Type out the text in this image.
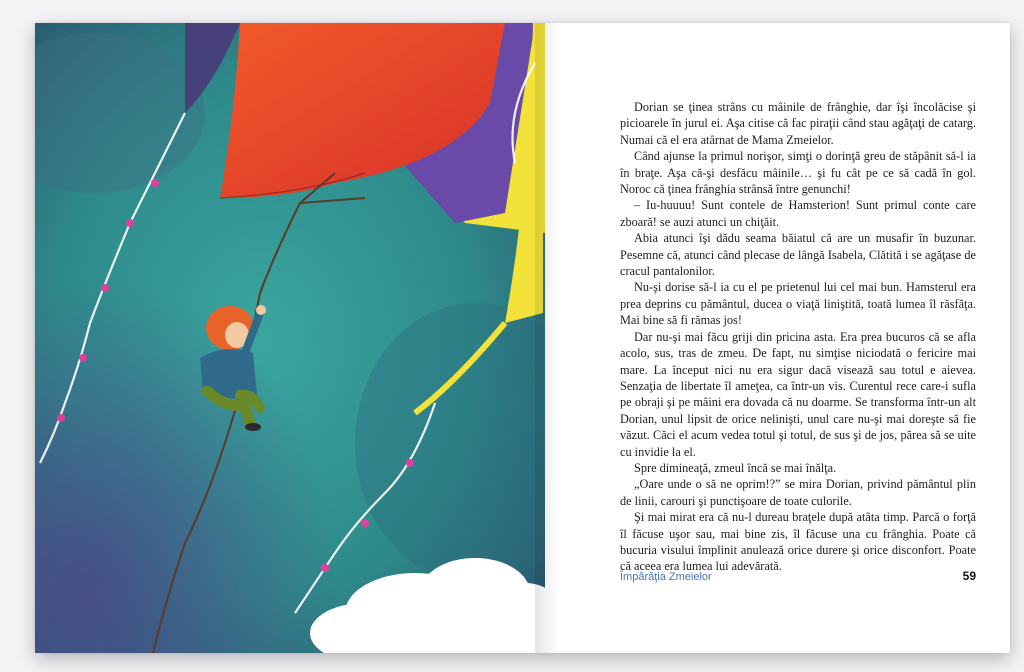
Dorian se ţinea strâns cu mâinile de frânghie, dar îşi încolăcise şi picioarele în jurul ei. Aşa citise că fac piraţii când stau agăţaţi de catarg. Numai că el era atârnat de Mama Zmeielor.

Când ajunse la primul norişor, simţi o dorinţă greu de stăpânit să-l ia în braţe. Aşa că-şi desfăcu mâinile… şi fu cât pe ce să cadă în gol. Noroc că ţinea frânghia strânsă între genunchi!

– Iu-huuuu! Sunt contele de Hamsterion! Sunt primul conte care zboară! se auzi atunci un chiţăit.

Abia atunci îşi dădu seama băiatul că are un musafir în buzunar. Pesemne că, atunci când plecase de lângă Isabela, Clătită i se agăţase de cracul pantalonilor.

Nu-şi dorise să-l ia cu el pe prietenul lui cel mai bun. Hamsterul era prea deprins cu pământul, ducea o viaţă liniştită, toată lumea îl răsfăţa. Mai bine să fi rămas jos!

Dar nu-şi mai făcu griji din pricina asta. Era prea bucuros că se afla acolo, sus, tras de zmeu. De fapt, nu simţise niciodată o fericire mai mare. La început nici nu era sigur dacă visează sau totul e aievea. Senzaţia de libertate îl ameţea, ca într-un vis. Curentul rece care-i sufla pe obraji şi pe mâini era dovada că nu doarme. Se transforma într-un alt Dorian, unul lipsit de orice nelinişti, unul care nu-şi mai doreşte să fie văzut. Căci el acum vedea totul şi totul, de sus şi de jos, părea să se uite cu invidie la el.

Spre dimineaţă, zmeul încă se mai înălţa.

„Oare unde o să ne oprim!?” se mira Dorian, privind pământul plin de linii, carouri şi punctişoare de toate culorile.

Şi mai mirat era că nu-l dureau braţele după atâta timp. Parcă o forţă îl făcuse uşor sau, mai bine zis, îl făcuse una cu frânghia. Poate că bucuria visului împlinit anulează orice durere şi orice disconfort. Poate că aceea era lumea lui adevărată.

Împărăţia Zmeielor	59
